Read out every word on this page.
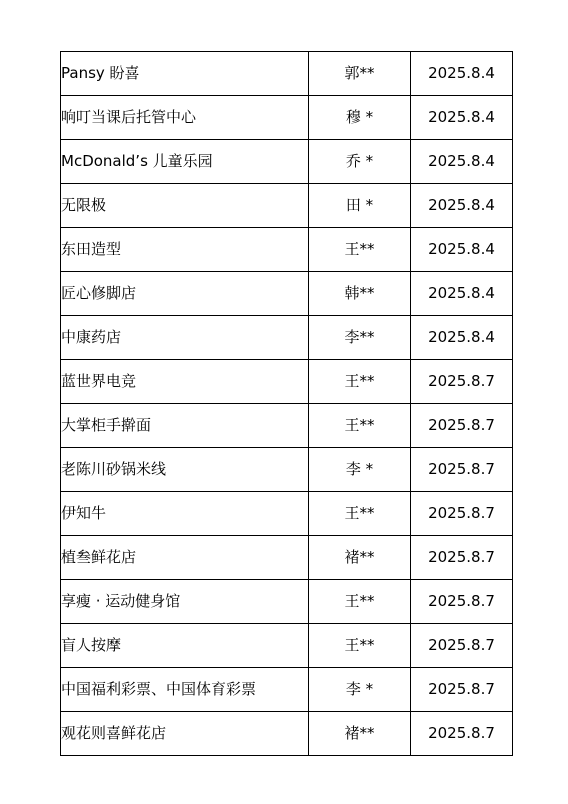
Pansy 盼喜	郭**	2025.8.4
响叮当课后托管中心	穆 *	2025.8.4
McDonald’s 儿童乐园	乔 *	2025.8.4
无限极	田 *	2025.8.4
东田造型	王**	2025.8.4
匠心修脚店	韩**	2025.8.4
中康药店	李**	2025.8.4
蓝世界电竞	王**	2025.8.7
大掌柜手擀面	王**	2025.8.7
老陈川砂锅米线	李 *	2025.8.7
伊知牛	王**	2025.8.7
植叁鲜花店	褚**	2025.8.7
享瘦 · 运动健身馆	王**	2025.8.7
盲人按摩	王**	2025.8.7
中国福利彩票、中国体育彩票	李 *	2025.8.7
观花则喜鲜花店	褚**	2025.8.7
